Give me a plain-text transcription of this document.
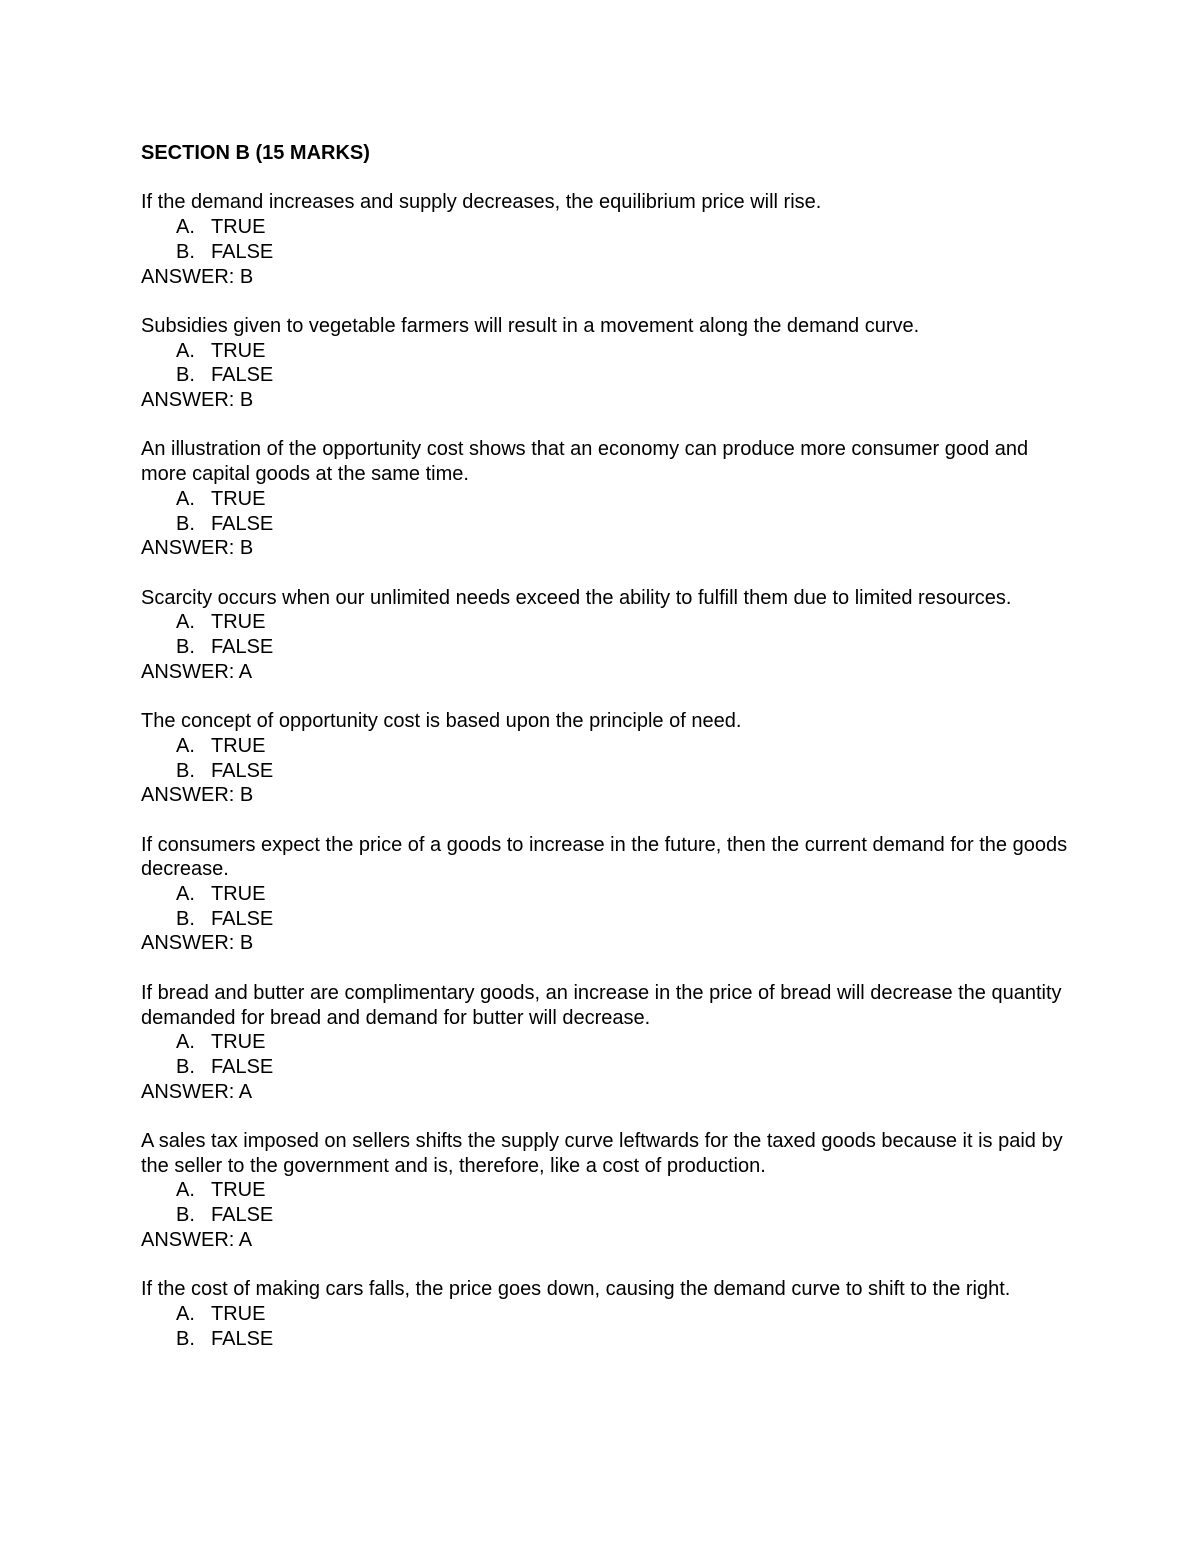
SECTION B (15 MARKS)
If the demand increases and supply decreases, the equilibrium price will rise.
A. TRUE
B. FALSE
ANSWER: B
Subsidies given to vegetable farmers will result in a movement along the demand curve.
A. TRUE
B. FALSE
ANSWER: B
An illustration of the opportunity cost shows that an economy can produce more consumer good and more capital goods at the same time.
A. TRUE
B. FALSE
ANSWER: B
Scarcity occurs when our unlimited needs exceed the ability to fulfill them due to limited resources.
A. TRUE
B. FALSE
ANSWER: A
The concept of opportunity cost is based upon the principle of need.
A. TRUE
B. FALSE
ANSWER: B
If consumers expect the price of a goods to increase in the future, then the current demand for the goods decrease.
A. TRUE
B. FALSE
ANSWER: B
If bread and butter are complimentary goods, an increase in the price of bread will decrease the quantity demanded for bread and demand for butter will decrease.
A. TRUE
B. FALSE
ANSWER: A
A sales tax imposed on sellers shifts the supply curve leftwards for the taxed goods because it is paid by the seller to the government and is, therefore, like a cost of production.
A. TRUE
B. FALSE
ANSWER: A
If the cost of making cars falls, the price goes down, causing the demand curve to shift to the right.
A. TRUE
B. FALSE
